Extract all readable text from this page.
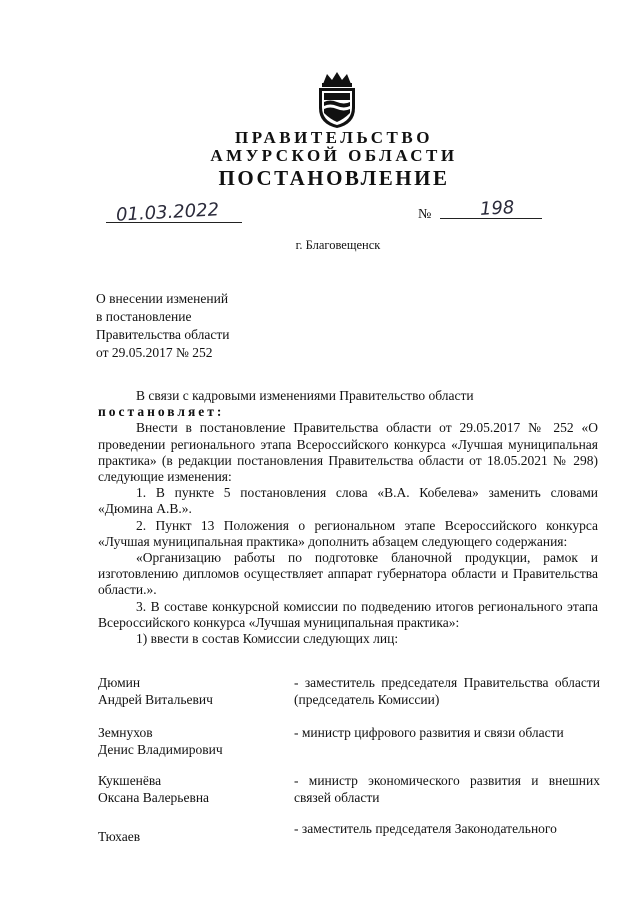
ПРАВИТЕЛЬСТВО
АМУРСКОЙ ОБЛАСТИ
ПОСТАНОВЛЕНИЕ
01.03.2022	№	198
г. Благовещенск
О внесении изменений
в постановление
Правительства области
от 29.05.2017 № 252

В связи с кадровыми изменениями Правительство области

постановляет:

Внести в постановление Правительства области от 29.05.2017 № 252 «О проведении регионального этапа Всероссийского конкурса «Лучшая муниципальная практика» (в редакции постановления Правительства области от 18.05.2021 № 298) следующие изменения:

1. В пункте 5 постановления слова «В.А. Кобелева» заменить словами «Дюмина А.В.».

2. Пункт 13 Положения о региональном этапе Всероссийского конкурса «Лучшая муниципальная практика» дополнить абзацем следующего содержания:

«Организацию работы по подготовке бланочной продукции, рамок и изготовлению дипломов осуществляет аппарат губернатора области и Правительства области.».

3. В составе конкурсной комиссии по подведению итогов регионального этапа Всероссийского конкурса «Лучшая муниципальная практика»:

1) ввести в состав Комиссии следующих лиц:

Дюмин
Андрей Витальевич
- заместитель председателя Правительства области (председатель Комиссии)
Земнухов
Денис Владимирович
- министр цифрового развития и связи области
Кукшенёва
Оксана Валерьевна
- министр экономического развития и внешних связей области
Тюхаев
- заместитель председателя Законодательного
